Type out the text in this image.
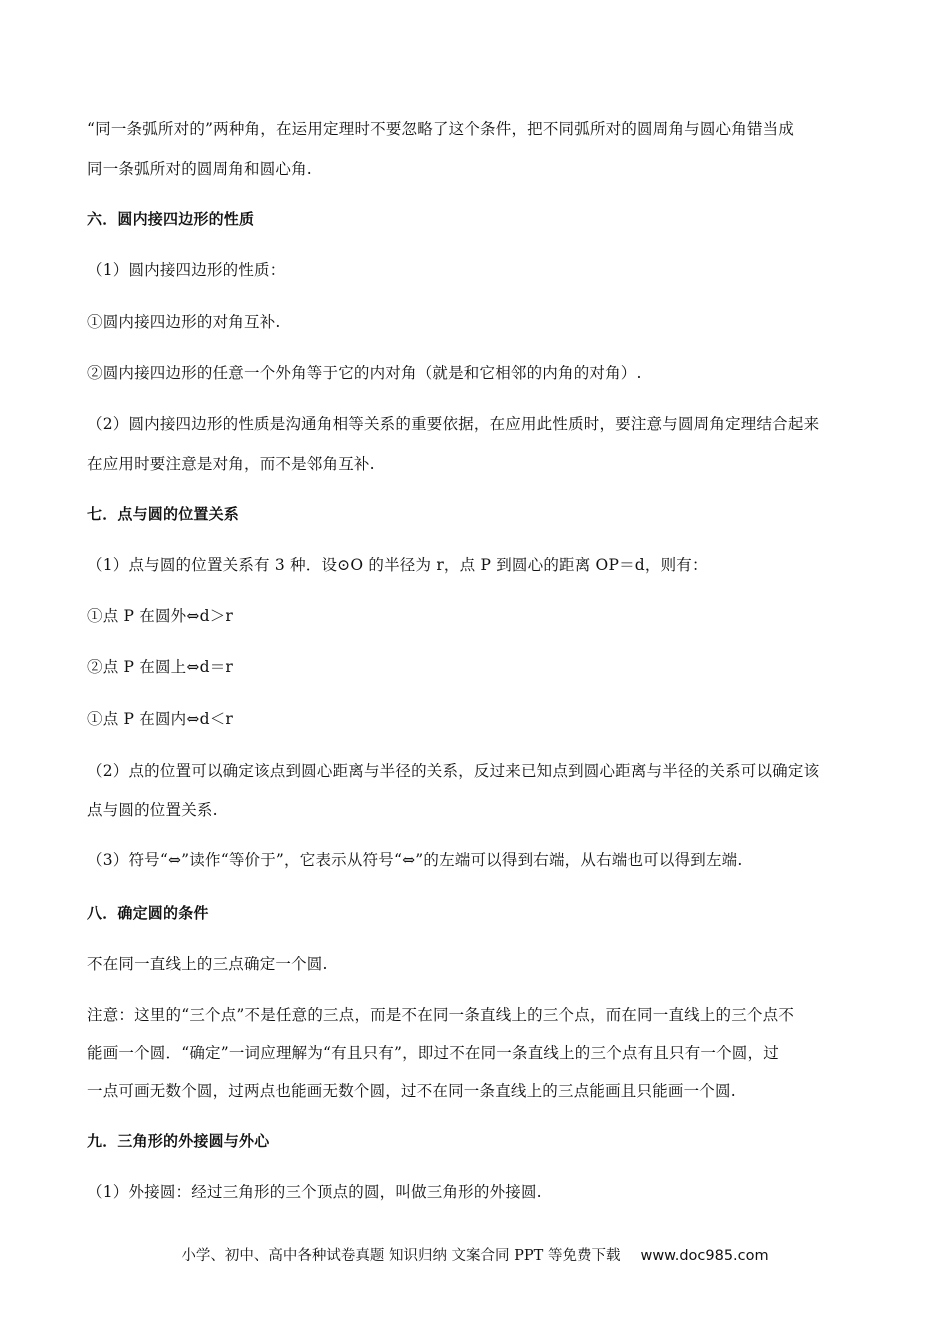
“同一条弧所对的”两种角，在运用定理时不要忽略了这个条件，把不同弧所对的圆周角与圆心角错当成
同一条弧所对的圆周角和圆心角.
六．圆内接四边形的性质
（1）圆内接四边形的性质：
①圆内接四边形的对角互补.
②圆内接四边形的任意一个外角等于它的内对角（就是和它相邻的内角的对角）.
（2）圆内接四边形的性质是沟通角相等关系的重要依据，在应用此性质时，要注意与圆周角定理结合起来
在应用时要注意是对角，而不是邻角互补.
七．点与圆的位置关系
（1）点与圆的位置关系有 3 种．设⊙O 的半径为 r，点 P 到圆心的距离 OP＝d，则有：
①点 P 在圆外⇔d＞r
②点 P 在圆上⇔d＝r
①点 P 在圆内⇔d＜r
（2）点的位置可以确定该点到圆心距离与半径的关系，反过来已知点到圆心距离与半径的关系可以确定该
点与圆的位置关系.
（3）符号“⇔”读作“等价于”，它表示从符号“⇔”的左端可以得到右端，从右端也可以得到左端.
八．确定圆的条件
不在同一直线上的三点确定一个圆.
注意：这里的“三个点”不是任意的三点，而是不在同一条直线上的三个点，而在同一直线上的三个点不
能画一个圆．“确定”一词应理解为“有且只有”，即过不在同一条直线上的三个点有且只有一个圆，过
一点可画无数个圆，过两点也能画无数个圆，过不在同一条直线上的三点能画且只能画一个圆.
九．三角形的外接圆与外心
（1）外接圆：经过三角形的三个顶点的圆，叫做三角形的外接圆.
小学、初中、高中各种试卷真题 知识归纳 文案合同 PPT 等免费下载 www.doc985.com
